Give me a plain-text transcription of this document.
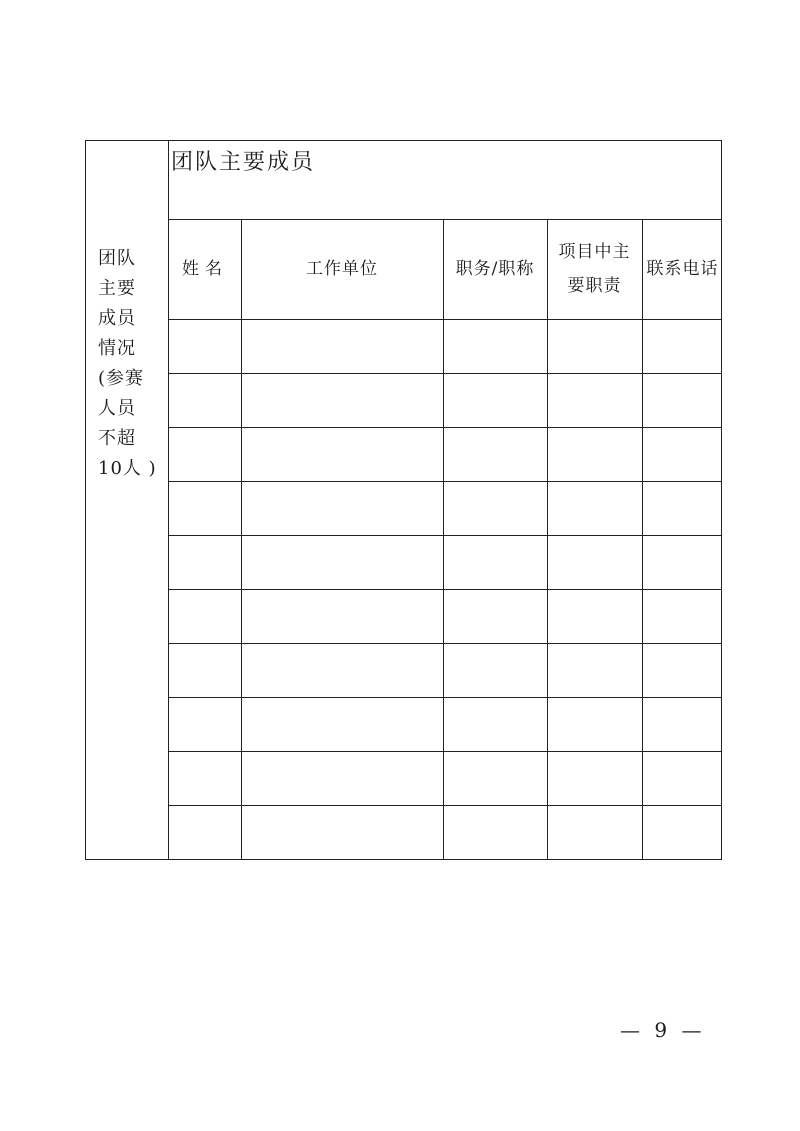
团队
主要
成员
情况
(参赛
人员
不超
10人 )
团队主要成员
姓名	工作单位	职务/职称
项目中主要职责
联系电话
— 9 —
